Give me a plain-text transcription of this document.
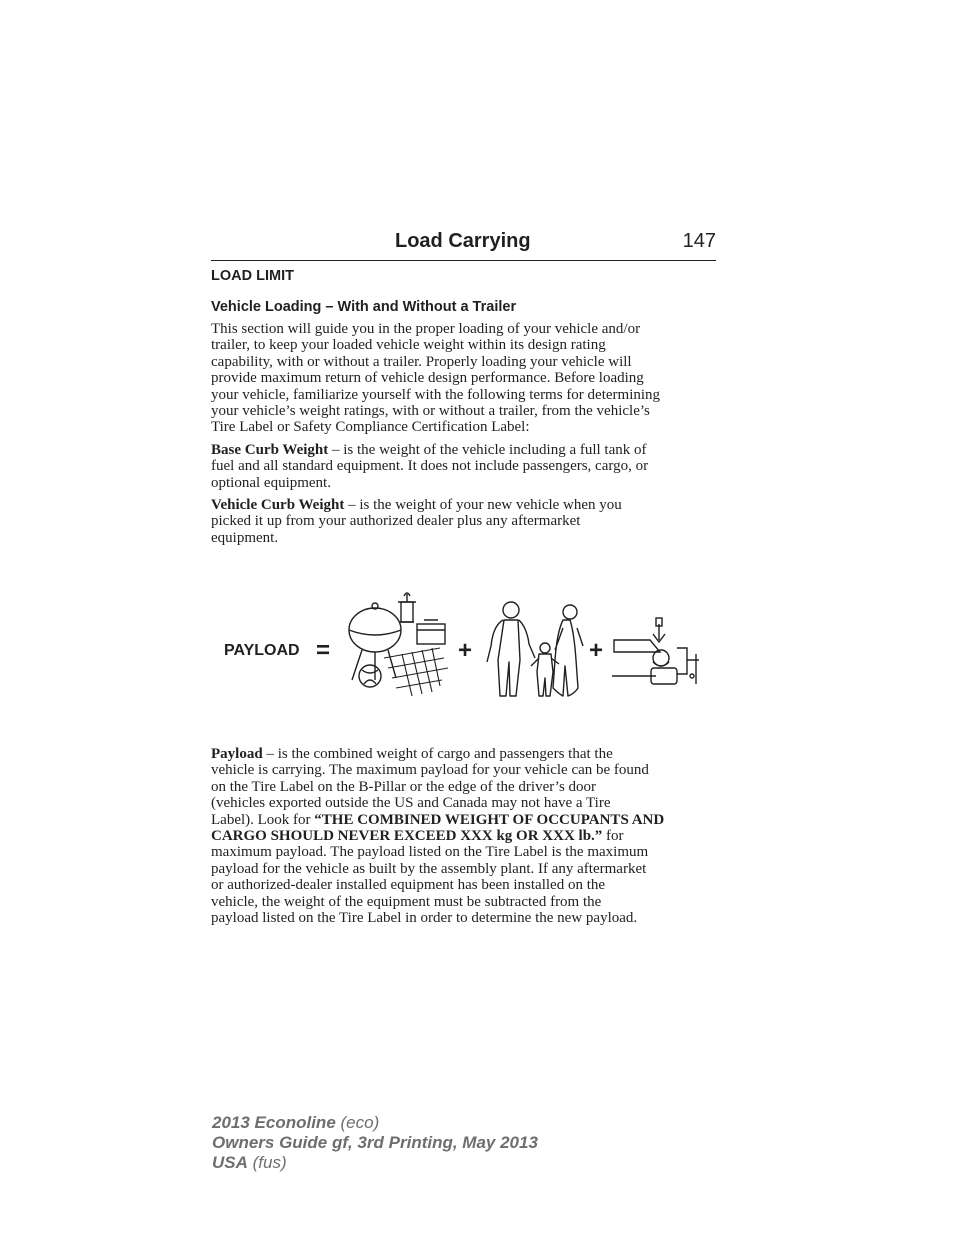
Load Carrying	147
LOAD LIMIT
Vehicle Loading – With and Without a Trailer
This section will guide you in the proper loading of your vehicle and/or
trailer, to keep your loaded vehicle weight within its design rating
capability, with or without a trailer. Properly loading your vehicle will
provide maximum return of vehicle design performance. Before loading
your vehicle, familiarize yourself with the following terms for determining
your vehicle’s weight ratings, with or without a trailer, from the vehicle’s
Tire Label or Safety Compliance Certification Label:
Base Curb Weight – is the weight of the vehicle including a full tank of
fuel and all standard equipment. It does not include passengers, cargo, or
optional equipment.
Vehicle Curb Weight – is the weight of your new vehicle when you
picked it up from your authorized dealer plus any aftermarket
equipment.
PAYLOAD =	+	+
Payload – is the combined weight of cargo and passengers that the
vehicle is carrying. The maximum payload for your vehicle can be found
on the Tire Label on the B-Pillar or the edge of the driver’s door
(vehicles exported outside the US and Canada may not have a Tire
Label). Look for “THE COMBINED WEIGHT OF OCCUPANTS AND
CARGO SHOULD NEVER EXCEED XXX kg OR XXX lb.” for
maximum payload. The payload listed on the Tire Label is the maximum
payload for the vehicle as built by the assembly plant. If any aftermarket
or authorized-dealer installed equipment has been installed on the
vehicle, the weight of the equipment must be subtracted from the
payload listed on the Tire Label in order to determine the new payload.
2013 Econoline (eco)
Owners Guide gf, 3rd Printing, May 2013
USA (fus)
